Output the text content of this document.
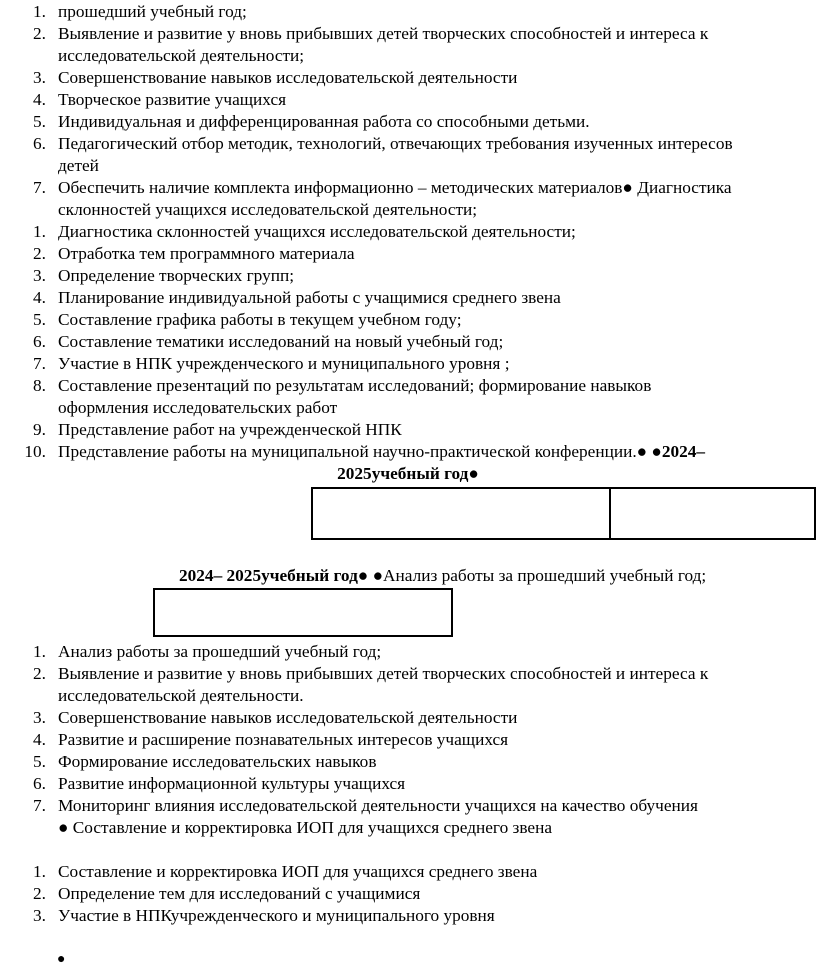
1. прошедший учебный год;
2. Выявление и развитие у вновь прибывших детей творческих способностей и интереса к
исследовательской деятельности;
3. Совершенствование навыков исследовательской деятельности
4. Творческое развитие учащихся
5. Индивидуальная и дифференцированная работа со способными детьми.
6. Педагогический отбор методик, технологий, отвечающих требования изученных интересов
детей
7. Обеспечить наличие комплекта информационно – методических материалов● Диагностика
склонностей учащихся исследовательской деятельности;
1. Диагностика склонностей учащихся исследовательской деятельности;
2. Отработка тем программного материала
3. Определение творческих групп;
4. Планирование индивидуальной работы с учащимися среднего звена
5. Составление графика работы в текущем учебном году;
6. Составление тематики исследований на новый учебный год;
7. Участие в НПК учрежденческого и муниципального уровня ;
8. Составление презентаций по результатам исследований; формирование навыков
оформления исследовательских работ
9. Представление работ на учрежденческой НПК
10. Представление работы на муниципальной научно-практической конференции.● ●2024–
2025учебный год●
2024– 2025учебный год● ●Анализ работы за прошедший учебный год;
1. Анализ работы за прошедший учебный год;
2. Выявление и развитие у вновь прибывших детей творческих способностей и интереса к
исследовательской деятельности.
3. Совершенствование навыков исследовательской деятельности
4. Развитие и расширение познавательных интересов учащихся
5. Формирование исследовательских навыков
6. Развитие информационной культуры учащихся
7. Мониторинг влияния исследовательской деятельности учащихся на качество обучения
● Составление и корректировка ИОП для учащихся среднего звена
1. Составление и корректировка ИОП для учащихся среднего звена
2. Определение тем для исследований с учащимися
3. Участие в НПКучрежденческого и муниципального уровня
●
